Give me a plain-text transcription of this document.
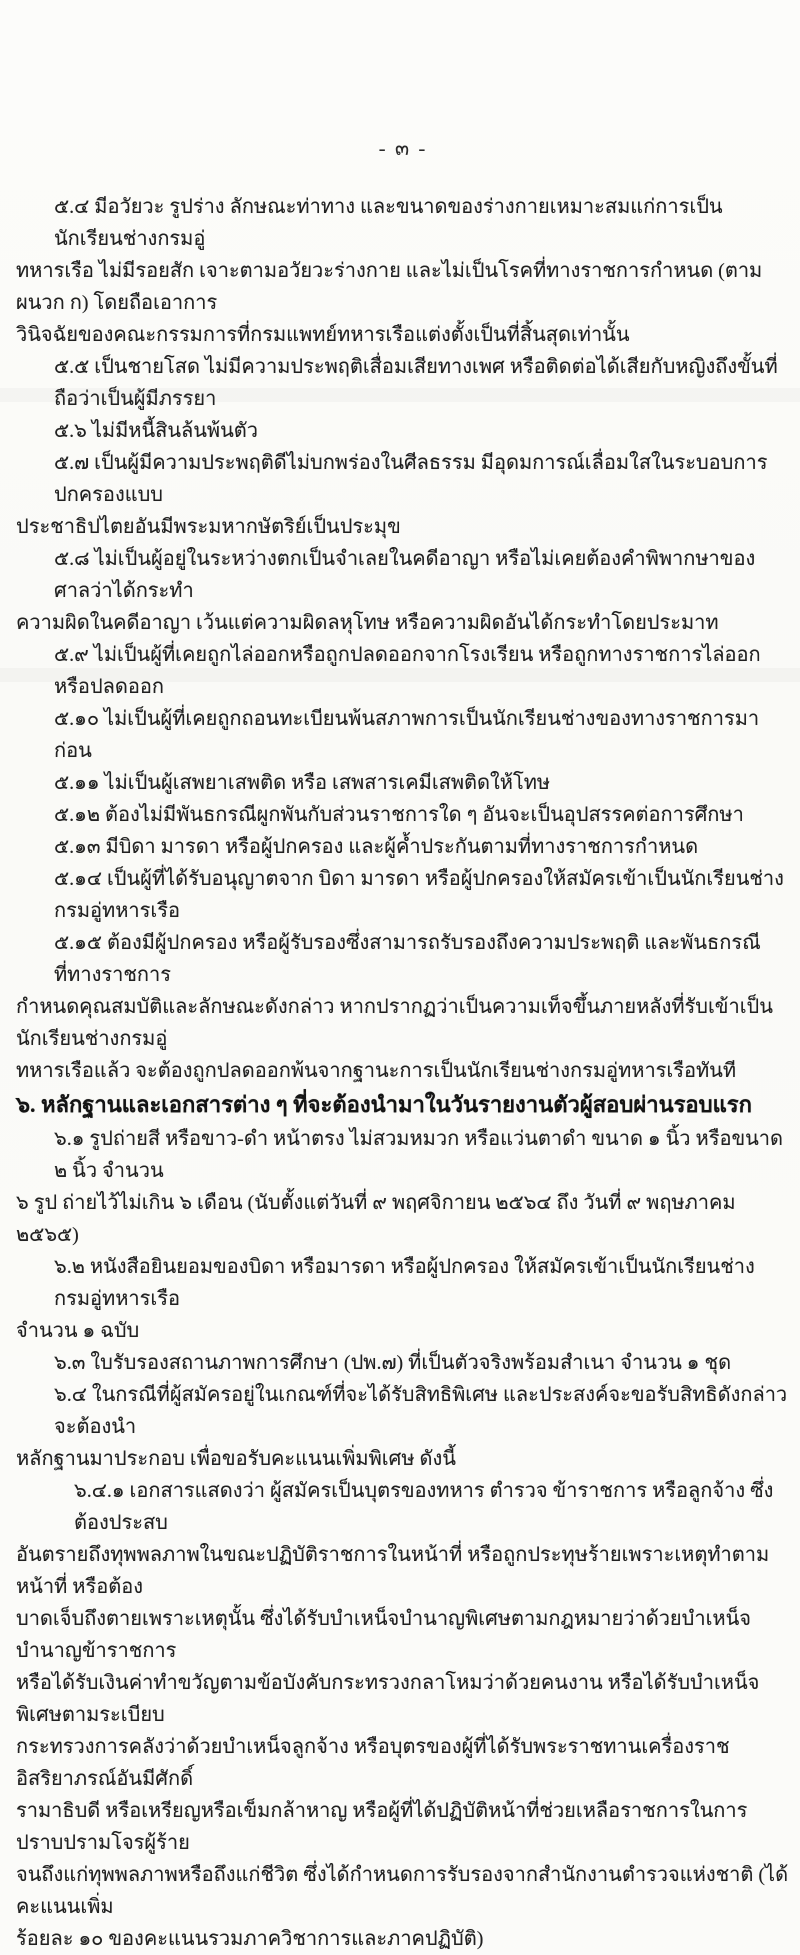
- ๓ -
๕.๔ มีอวัยวะ รูปร่าง ลักษณะท่าทาง และขนาดของร่างกายเหมาะสมแก่การเป็นนักเรียนช่างกรมอู่
ทหารเรือ ไม่มีรอยสัก เจาะตามอวัยวะร่างกาย และไม่เป็นโรคที่ทางราชการกำหนด (ตามผนวก ก) โดยถือเอาการ
วินิจฉัยของคณะกรรมการที่กรมแพทย์ทหารเรือแต่งตั้งเป็นที่สิ้นสุดเท่านั้น
๕.๕ เป็นชายโสด ไม่มีความประพฤติเสื่อมเสียทางเพศ หรือติดต่อได้เสียกับหญิงถึงขั้นที่ถือว่าเป็นผู้มีภรรยา
๕.๖ ไม่มีหนี้สินล้นพ้นตัว
๕.๗ เป็นผู้มีความประพฤติดีไม่บกพร่องในศีลธรรม มีอุดมการณ์เลื่อมใสในระบอบการปกครองแบบ
ประชาธิปไตยอันมีพระมหากษัตริย์เป็นประมุข
๕.๘ ไม่เป็นผู้อยู่ในระหว่างตกเป็นจำเลยในคดีอาญา หรือไม่เคยต้องคำพิพากษาของศาลว่าได้กระทำ
ความผิดในคดีอาญา เว้นแต่ความผิดลหุโทษ หรือความผิดอันได้กระทำโดยประมาท
๕.๙ ไม่เป็นผู้ที่เคยถูกไล่ออกหรือถูกปลดออกจากโรงเรียน หรือถูกทางราชการไล่ออก หรือปลดออก
๕.๑๐ ไม่เป็นผู้ที่เคยถูกถอนทะเบียนพ้นสภาพการเป็นนักเรียนช่างของทางราชการมาก่อน
๕.๑๑ ไม่เป็นผู้เสพยาเสพติด หรือ เสพสารเคมีเสพติดให้โทษ
๕.๑๒ ต้องไม่มีพันธกรณีผูกพันกับส่วนราชการใด ๆ อันจะเป็นอุปสรรคต่อการศึกษา
๕.๑๓ มีบิดา มารดา หรือผู้ปกครอง และผู้ค้ำประกันตามที่ทางราชการกำหนด
๕.๑๔ เป็นผู้ที่ได้รับอนุญาตจาก บิดา มารดา หรือผู้ปกครองให้สมัครเข้าเป็นนักเรียนช่างกรมอู่ทหารเรือ
๕.๑๕ ต้องมีผู้ปกครอง หรือผู้รับรองซึ่งสามารถรับรองถึงความประพฤติ และพันธกรณีที่ทางราชการ
กำหนดคุณสมบัติและลักษณะดังกล่าว หากปรากฏว่าเป็นความเท็จขึ้นภายหลังที่รับเข้าเป็นนักเรียนช่างกรมอู่
ทหารเรือแล้ว จะต้องถูกปลดออกพ้นจากฐานะการเป็นนักเรียนช่างกรมอู่ทหารเรือทันที
๖. หลักฐานและเอกสารต่าง ๆ ที่จะต้องนำมาในวันรายงานตัวผู้สอบผ่านรอบแรก
๖.๑ รูปถ่ายสี หรือขาว-ดำ หน้าตรง ไม่สวมหมวก หรือแว่นตาดำ ขนาด ๑ นิ้ว หรือขนาด ๒ นิ้ว จำนวน
๖ รูป ถ่ายไว้ไม่เกิน ๖ เดือน (นับตั้งแต่วันที่ ๙ พฤศจิกายน ๒๕๖๔ ถึง วันที่ ๙ พฤษภาคม ๒๕๖๕)
๖.๒ หนังสือยินยอมของบิดา หรือมารดา หรือผู้ปกครอง ให้สมัครเข้าเป็นนักเรียนช่างกรมอู่ทหารเรือ
จำนวน ๑ ฉบับ
๖.๓ ใบรับรองสถานภาพการศึกษา (ปพ.๗) ที่เป็นตัวจริงพร้อมสำเนา จำนวน ๑ ชุด
๖.๔ ในกรณีที่ผู้สมัครอยู่ในเกณฑ์ที่จะได้รับสิทธิพิเศษ และประสงค์จะขอรับสิทธิดังกล่าว จะต้องนำ
หลักฐานมาประกอบ เพื่อขอรับคะแนนเพิ่มพิเศษ ดังนี้
๖.๔.๑ เอกสารแสดงว่า ผู้สมัครเป็นบุตรของทหาร ตำรวจ ข้าราชการ หรือลูกจ้าง ซึ่งต้องประสบ
อันตรายถึงทุพพลภาพในขณะปฏิบัติราชการในหน้าที่ หรือถูกประทุษร้ายเพราะเหตุทำตามหน้าที่ หรือต้อง
บาดเจ็บถึงตายเพราะเหตุนั้น ซึ่งได้รับบำเหน็จบำนาญพิเศษตามกฎหมายว่าด้วยบำเหน็จบำนาญข้าราชการ
หรือได้รับเงินค่าทำขวัญตามข้อบังคับกระทรวงกลาโหมว่าด้วยคนงาน หรือได้รับบำเหน็จพิเศษตามระเบียบ
กระทรวงการคลังว่าด้วยบำเหน็จลูกจ้าง หรือบุตรของผู้ที่ได้รับพระราชทานเครื่องราชอิสริยาภรณ์อันมีศักดิ์
รามาธิบดี หรือเหรียญหรือเข็มกล้าหาญ หรือผู้ที่ได้ปฏิบัติหน้าที่ช่วยเหลือราชการในการปราบปรามโจรผู้ร้าย
จนถึงแก่ทุพพลภาพหรือถึงแก่ชีวิต ซึ่งได้กำหนดการรับรองจากสำนักงานตำรวจแห่งชาติ (ได้คะแนนเพิ่ม
ร้อยละ ๑๐ ของคะแนนรวมภาควิชาการและภาคปฏิบัติ)
